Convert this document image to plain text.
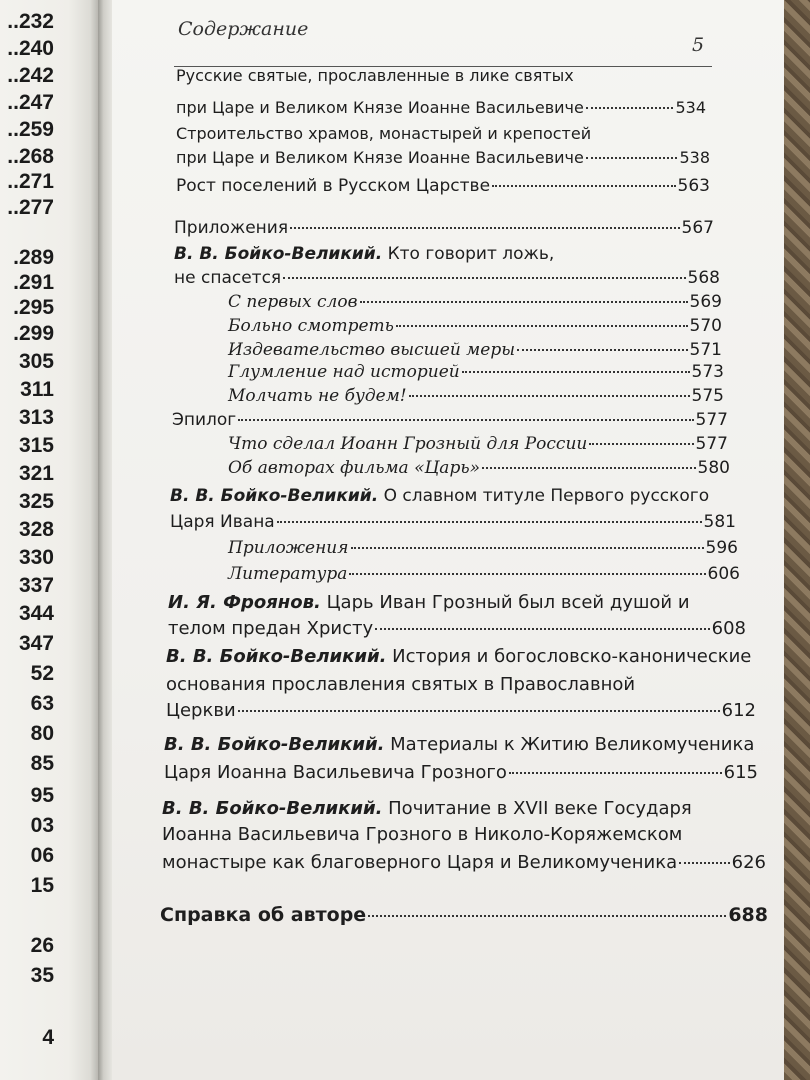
..232
..240
..242
..247
..259
..268
..271
..277
.289
.291
.295
.299
305
311
313
315
321
325
328
330
337
344
347
52
63
80
85
95
03
06
15
26
35
4
Содержание
5
Русские святые, прославленные в лике святых
при Царе и Великом Князе Иоанне Васильевиче	534
Строительство храмов, монастырей и крепостей
при Царе и Великом Князе Иоанне Васильевиче	538
Рост поселений в Русском Царстве	563
Приложения	567
В. В. Бойко-Великий.
Кто говорит ложь,
не спасется	568
С первых слов	569
Больно смотреть	570
Издевательство высшей меры	571
Глумление над историей	573
Молчать не будем!	575
Эпилог	577
Что сделал Иоанн Грозный для России	577
Об авторах фильма «Царь»	580
В. В. Бойко-Великий.
О славном титуле Первого русского
Царя Ивана	581
Приложения	596
Литература	606
И. Я. Фроянов.
Царь Иван Грозный был всей душой и
телом предан Христу	608
В. В. Бойко-Великий.
История и богословско-канонические
основания прославления святых в Православной
Церкви	612
В. В. Бойко-Великий.
Материалы к Житию Великомученика
Царя Иоанна Васильевича Грозного	615
В. В. Бойко-Великий.
Почитание в XVII веке Государя
Иоанна Васильевича Грозного в Николо-Коряжемском
монастыре как благоверного Царя и Великомученика	626
Справка об авторе	688
